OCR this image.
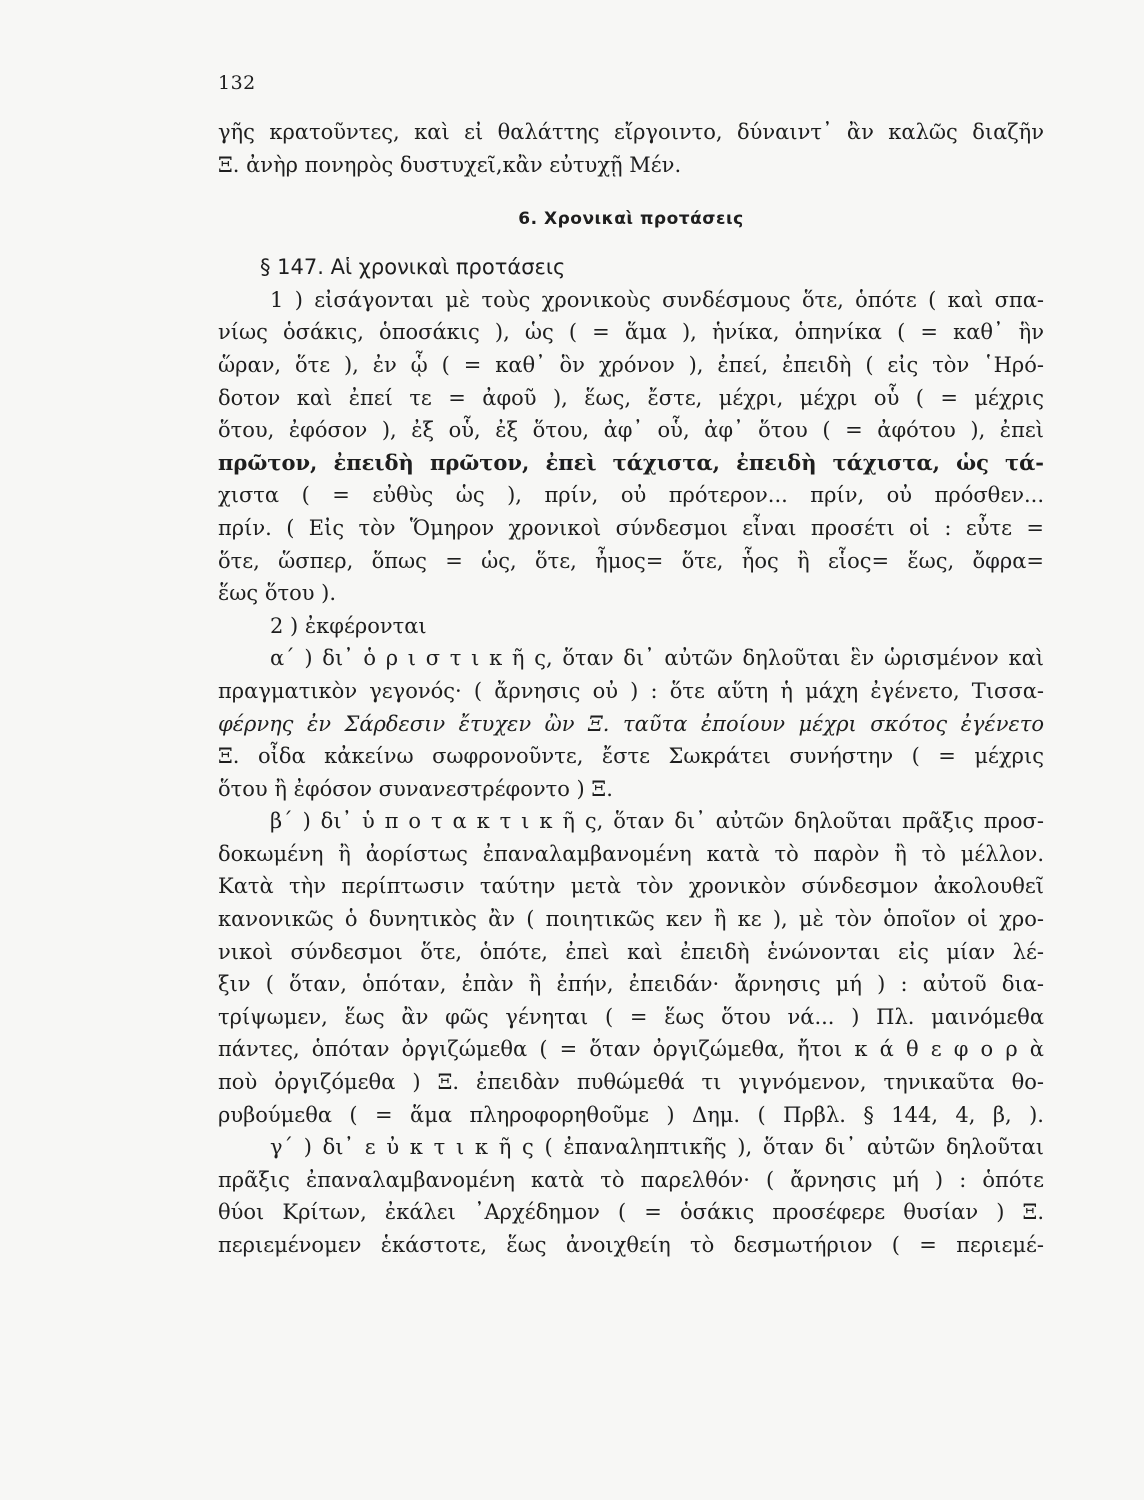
132
γῆς κρατοῦντες, καὶ εἰ θαλάττης εἴργοιντο, δύναιντ᾽ ἂν καλῶς διαζῆν
Ξ. ἀνὴρ πονηρὸς δυστυχεῖ,κἂν εὐτυχῇ Μέν.
6. Χρονικαὶ προτάσεις
§ 147. Αἱ χρονικαὶ προτάσεις
1 ) εἰσάγονται μὲ τοὺς χρονικοὺς συνδέσμους ὅτε, ὁπότε ( καὶ σπα-
νίως ὁσάκις, ὁποσάκις ), ὡς ( = ἅμα ), ἡνίκα, ὁπηνίκα ( = καθ᾽ ἣν
ὥραν, ὅτε ), ἐν ᾧ ( = καθ᾽ ὃν χρόνον ), ἐπεί, ἐπειδὴ ( εἰς τὸν ῾Ηρό-
δοτον καὶ ἐπεί τε = ἀφοῦ ), ἕως, ἔστε, μέχρι, μέχρι οὗ ( = μέχρις
ὅτου, ἐφόσον ), ἐξ οὗ, ἐξ ὅτου, ἀφ᾽ οὗ, ἀφ᾽ ὅτου ( = ἀφότου ), ἐπεὶ
πρῶτον, ἐπειδὴ πρῶτον, ἐπεὶ τάχιστα, ἐπειδὴ τάχιστα, ὡς τά-
χιστα ( = εὐθὺς ὡς ), πρίν, οὐ πρότερον... πρίν, οὐ πρόσθεν...
πρίν. ( Εἰς τὸν Ὅμηρον χρονικοὶ σύνδεσμοι εἶναι προσέτι οἱ : εὖτε =
ὅτε, ὥσπερ, ὅπως = ὡς, ὅτε, ἦμος= ὅτε, ἧος ἢ εἷος= ἕως, ὄφρα=
ἕως ὅτου ).
2 ) ἐκφέρονται
α΄ ) δι᾽ ὁ ρ ι σ τ ι κ ῆ ς, ὅταν δι᾽ αὐτῶν δηλοῦται ἓν ὡρισμένον καὶ
πραγματικὸν γεγονός· ( ἄρνησις οὐ ) : ὅτε αὕτη ἡ μάχη ἐγένετο, Τισσα-
φέρνης ἐν Σάρδεσιν ἔτυχεν ὢν Ξ. ταῦτα ἐποίουν μέχρι σκότος ἐγένετο
Ξ. οἶδα κἀκείνω σωφρονοῦντε, ἔστε Σωκράτει συνήστην ( = μέχρις
ὅτου ἢ ἐφόσον συνανεστρέφοντο ) Ξ.
β΄ ) δι᾽ ὑ π ο τ α κ τ ι κ ῆ ς, ὅταν δι᾽ αὐτῶν δηλοῦται πρᾶξις προσ-
δοκωμένη ἢ ἀορίστως ἐπαναλαμβανομένη κατὰ τὸ παρὸν ἢ τὸ μέλλον.
Κατὰ τὴν περίπτωσιν ταύτην μετὰ τὸν χρονικὸν σύνδεσμον ἀκολουθεῖ
κανονικῶς ὁ δυνητικὸς ἂν ( ποιητικῶς κεν ἢ κε ), μὲ τὸν ὁποῖον οἱ χρο-
νικοὶ σύνδεσμοι ὅτε, ὁπότε, ἐπεὶ καὶ ἐπειδὴ ἑνώνονται εἰς μίαν λέ-
ξιν ( ὅταν, ὁπόταν, ἐπὰν ἢ ἐπήν, ἐπειδάν· ἄρνησις μή ) : αὐτοῦ δια-
τρίψωμεν, ἕως ἂν φῶς γένηται ( = ἕως ὅτου νά... ) Πλ. μαινόμεθα
πάντες, ὁπόταν ὀργιζώμεθα ( = ὅταν ὀργιζώμεθα, ἤτοι κ ά θ ε φ ο ρ ὰ
ποὺ ὀργιζόμεθα ) Ξ. ἐπειδὰν πυθώμεθά τι γιγνόμενον, τηνικαῦτα θο-
ρυβούμεθα ( = ἅμα πληροφορηθοῦμε ) Δημ. ( Πρβλ. § 144, 4, β, ).
γ΄ ) δι᾽ ε ὐ κ τ ι κ ῆ ς ( ἐπαναληπτικῆς ), ὅταν δι᾽ αὐτῶν δηλοῦται
πρᾶξις ἐπαναλαμβανομένη κατὰ τὸ παρελθόν· ( ἄρνησις μή ) : ὁπότε
θύοι Κρίτων, ἐκάλει ᾽Αρχέδημον ( = ὁσάκις προσέφερε θυσίαν ) Ξ.
περιεμένομεν ἑκάστοτε, ἕως ἀνοιχθείη τὸ δεσμωτήριον ( = περιεμέ-
